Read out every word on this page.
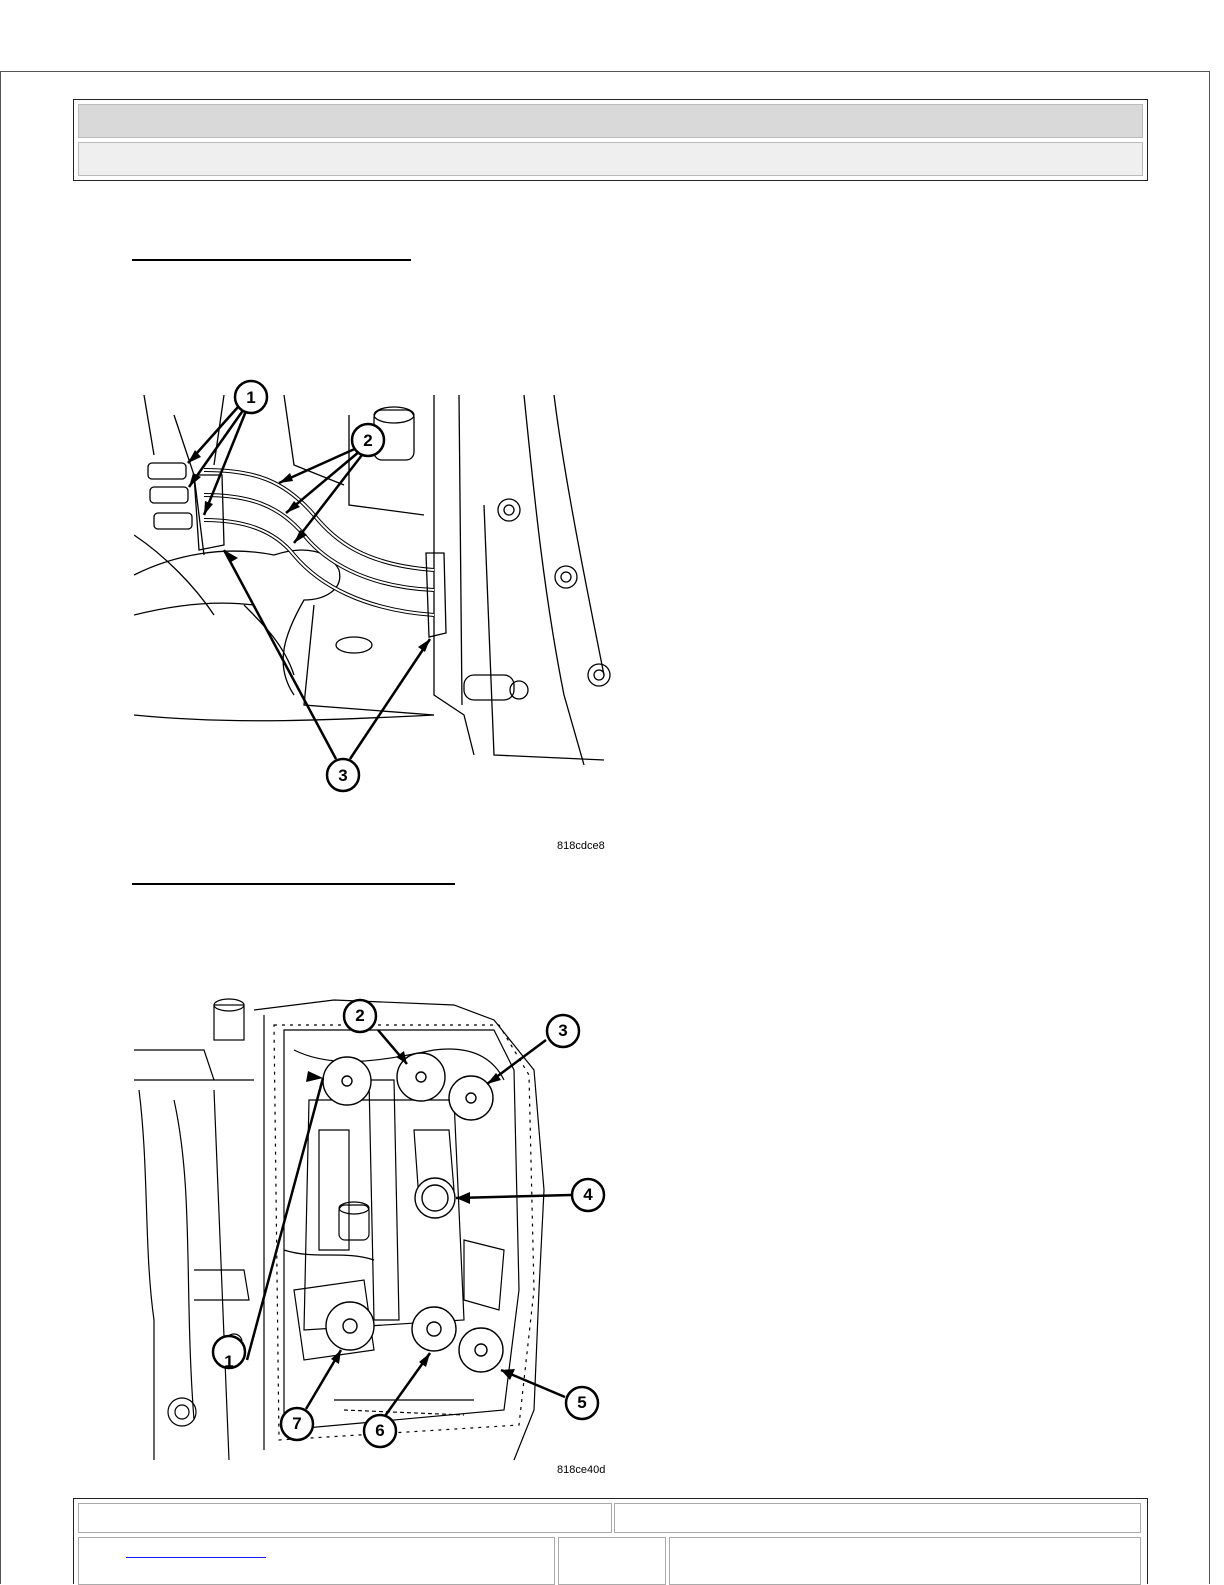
1
2
3
818cdce8
1
2
3
4
5
6
7
818ce40d
